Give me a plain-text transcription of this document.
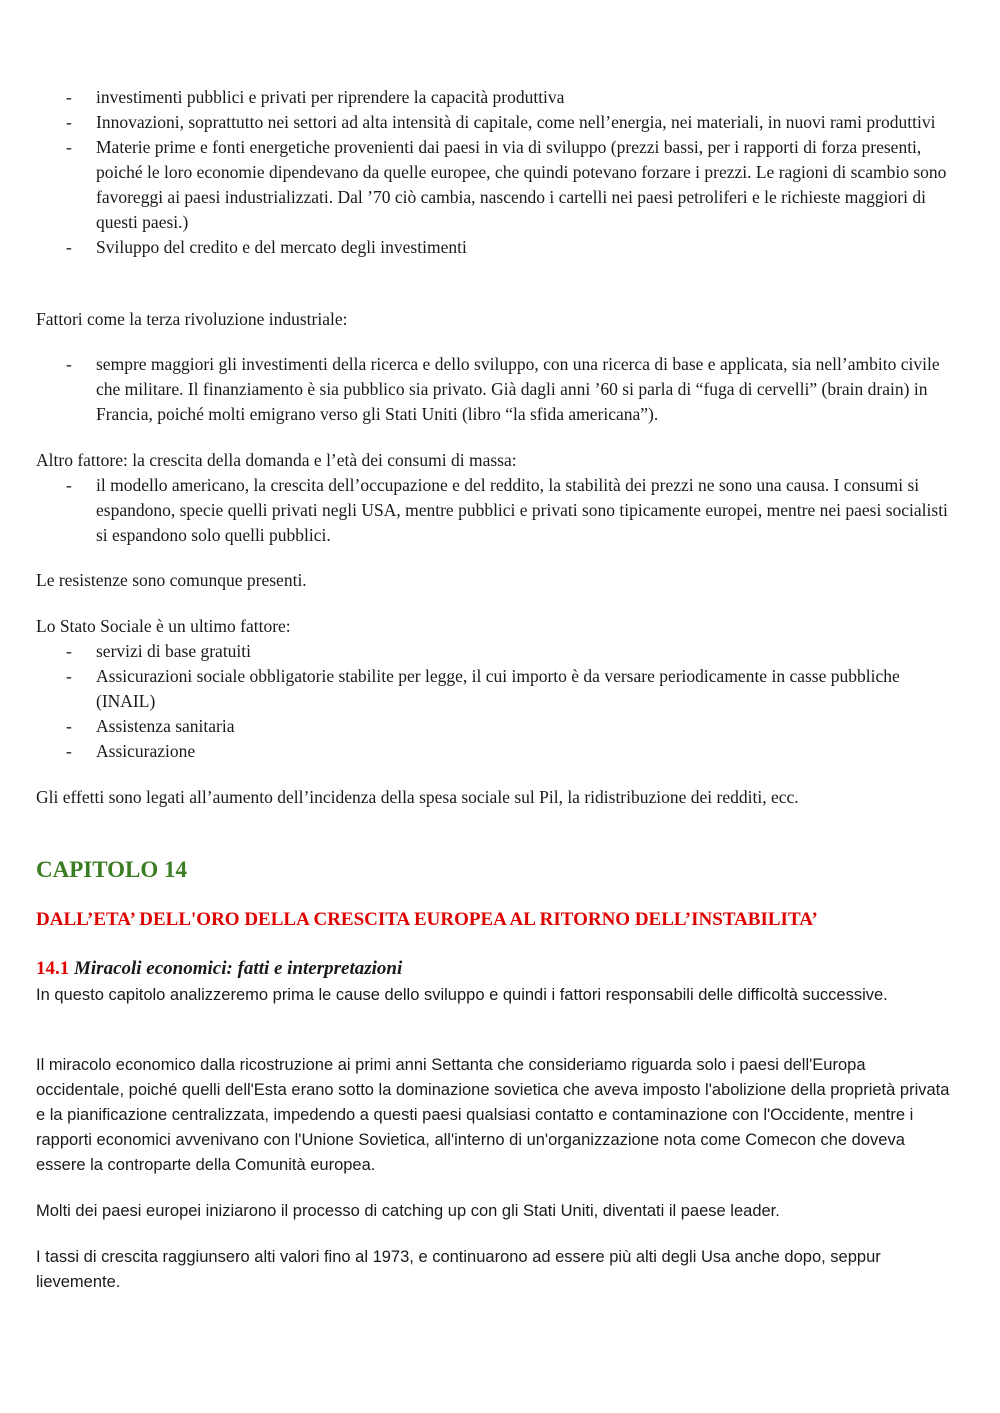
- investimenti pubblici e privati per riprendere la capacità produttiva
- Innovazioni, soprattutto nei settori ad alta intensità di capitale, come nell’energia, nei materiali, in nuovi rami produttivi
- Materie prime e fonti energetiche provenienti dai paesi in via di sviluppo (prezzi bassi, per i rapporti di forza presenti, poiché le loro economie dipendevano da quelle europee, che quindi potevano forzare i prezzi. Le ragioni di scambio sono favoreggi ai paesi industrializzati. Dal ’70 ciò cambia, nascendo i cartelli nei paesi petroliferi e le richieste maggiori di questi paesi.)
- Sviluppo del credito e del mercato degli investimenti

Fattori come la terza rivoluzione industriale:

- sempre maggiori gli investimenti della ricerca e dello sviluppo, con una ricerca di base e applicata, sia nell’ambito civile che militare. Il finanziamento è sia pubblico sia privato. Già dagli anni ’60 si parla di “fuga di cervelli” (brain drain) in Francia, poiché molti emigrano verso gli Stati Uniti (libro “la sfida americana”).

Altro fattore: la crescita della domanda e l’età dei consumi di massa:

- il modello americano, la crescita dell’occupazione e del reddito, la stabilità dei prezzi ne sono una causa. I consumi si espandono, specie quelli privati negli USA, mentre pubblici e privati sono tipicamente europei, mentre nei paesi socialisti si espandono solo quelli pubblici.

Le resistenze sono comunque presenti.

Lo Stato Sociale è un ultimo fattore:

- servizi di base gratuiti
- Assicurazioni sociale obbligatorie stabilite per legge, il cui importo è da versare periodicamente in casse pubbliche (INAIL)
- Assistenza sanitaria
- Assicurazione

Gli effetti sono legati all’aumento dell’incidenza della spesa sociale sul Pil, la ridistribuzione dei redditi, ecc.

CAPITOLO 14
DALL’ETA’ DELL'ORO DELLA CRESCITA EUROPEA AL RITORNO DELL’INSTABILITA’
14.1 Miracoli economici: fatti e interpretazioni

In questo capitolo analizzeremo prima le cause dello sviluppo e quindi i fattori responsabili delle difficoltà successive.

Il miracolo economico dalla ricostruzione ai primi anni Settanta che consideriamo riguarda solo i paesi dell'Europa occidentale, poiché quelli dell'Esta erano sotto la dominazione sovietica che aveva imposto l'abolizione della proprietà privata e la pianificazione centralizzata, impedendo a questi paesi qualsiasi contatto e contaminazione con l'Occidente, mentre i rapporti economici avvenivano con l'Unione Sovietica, all'interno di un'organizzazione nota come Comecon che doveva essere la controparte della Comunità europea.

Molti dei paesi europei iniziarono il processo di catching up con gli Stati Uniti, diventati il paese leader.

I tassi di crescita raggiunsero alti valori fino al 1973, e continuarono ad essere più alti degli Usa anche dopo, seppur lievemente.
